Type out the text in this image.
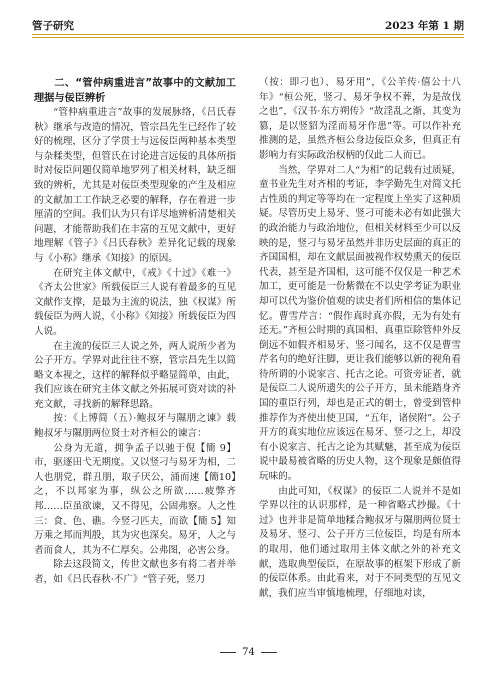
管子研究	2023 年第 1 期

二、“管仲病重进言”故事中的文献加工理据与佞臣辨析

“管仲病重进言”故事的发展脉络，《吕氏春秋》继承与改造的情况，管宗昌先生已经作了较好的梳理，区分了学贯士与远佞臣两种基本类型与杂糅类型，但管氏在讨论进言远佞的具体所指时对佞臣问题仅简单地罗列了相关材料，缺乏细致的辨析，尤其是对佞臣类型现象的产生及相应的文献加工工作缺乏必要的解释，存在着进一步厘清的空间。我们认为只有详尽地辨析清楚相关问题，才能帮助我们在丰富的互见文献中，更好地理解《管子》《吕氏春秋》差异化记载的现象与《小称》继承《知接》的原因。

在研究主体文献中，《戒》《十过》《难一》《齐太公世家》所载佞臣三人说有着最多的互见文献作支撑，是最为主流的说法，独《权谋》所载佞臣为两人说，《小称》《知接》所载佞臣为四人说。

在主流的佞臣三人说之外，两人说所少者为公子开方。学界对此往往不察，管宗昌先生以简略文本视之，这样的解释似乎略显简单，由此，我们应该在研究主体文献之外拓展可资对读的补充文献，寻找新的解释思路。

按：《上博简（五）·鲍叔牙与隰朋之谏》载鲍叔牙与隰朋两位贤士对齐桓公的谏言：

公身为无道，拥争孟子以驰于倪【簡 9】市，驱逐田弋无期度。又以竖刁与易牙为相，二人也朋党，群丑朋，取子厌公，涌而速【簡10】之，不以邦家为事，纵公之所欲……疲弊齐邦……臣虽欲谏，又不得见，公固弗察。人之性三：食、色、礁。今竖刁匹夫，而欲【簡 5】知万乘之邦而判殷，其为灾也深矣。易牙，人之与者而食人，其为不仁厚矣。公弗图，必害公身。

除去这段简文，传世文献也多有将二者并举者，如《吕氏春秋·不广》“管子死，竖刀

（按：即刁也）、易牙用”，《公羊传·僖公十八年》“桓公死，竖刁、易牙争权不葬，为是故伐之也”，《汉书·东方朔传》“故淫乱之渐，其变为篡，是以竖貂为淫而易牙作患”等。可以作补充推测的是，虽然齐桓公身边佞臣众多，但真正有影响力有实际政治权柄的仅此二人而已。

当然，学界对二人“为相”的记载有过质疑，童书业先生对齐相的考证，李学勤先生对简文托古性质的判定等等均在一定程度上坐实了这种质疑。尽管历史上易牙、竖刁可能未必有如此强大的政治能力与政治地位，但相关材料至少可以反映的是，竖刁与易牙虽然并非历史层面的真正的齐国国相，却在文献层面被视作权势熏天的佞臣代表，甚至是齐国相，这可能不仅仅是一种艺术加工，更可能是一份紫微在不以史学考证为职业却可以代为鉴价值观的读史者们所相信的集体记忆。曹雪芹言：“假作真时真亦假，无为有处有还无。”齐桓公时期的真国相、真重臣除管仲外反倒远不如假齐相易牙、竖刁闻名，这不仅是曹雪芹名句的绝好注脚，更让我们能够以新的视角看待所谓的小说家言、托古之论。可资旁证者，就是佞臣二人说所遗失的公子开方，虽未能踏身齐国的重臣行列，却也是正式的朝士，曾受到管仲推荐作为齐使出使卫国，“五年，诸侯附”。公子开方的真实地位应该远在易牙、竖刁之上，却没有小说家言、托古之论为其赋魅，甚至成为佞臣说中最易被省略的历史人物，这个现象是颇值得玩味的。

由此可知，《权谋》的佞臣二人说并不是如学界以往的认识那样，是一种省略式抄撮。《十过》也并非是简单地糅合鲍叔牙与隰朋两位贤士及易牙、竖刁、公子开方三位佞臣，均是有所本的取用，他们通过取用主体文献之外的补充文献，选取典型佞臣，在原故事的框架下形成了新的佞臣体系。由此看来，对于不同类型的互见文献，我们应当审慎地梳理，仔细地对读，

74
